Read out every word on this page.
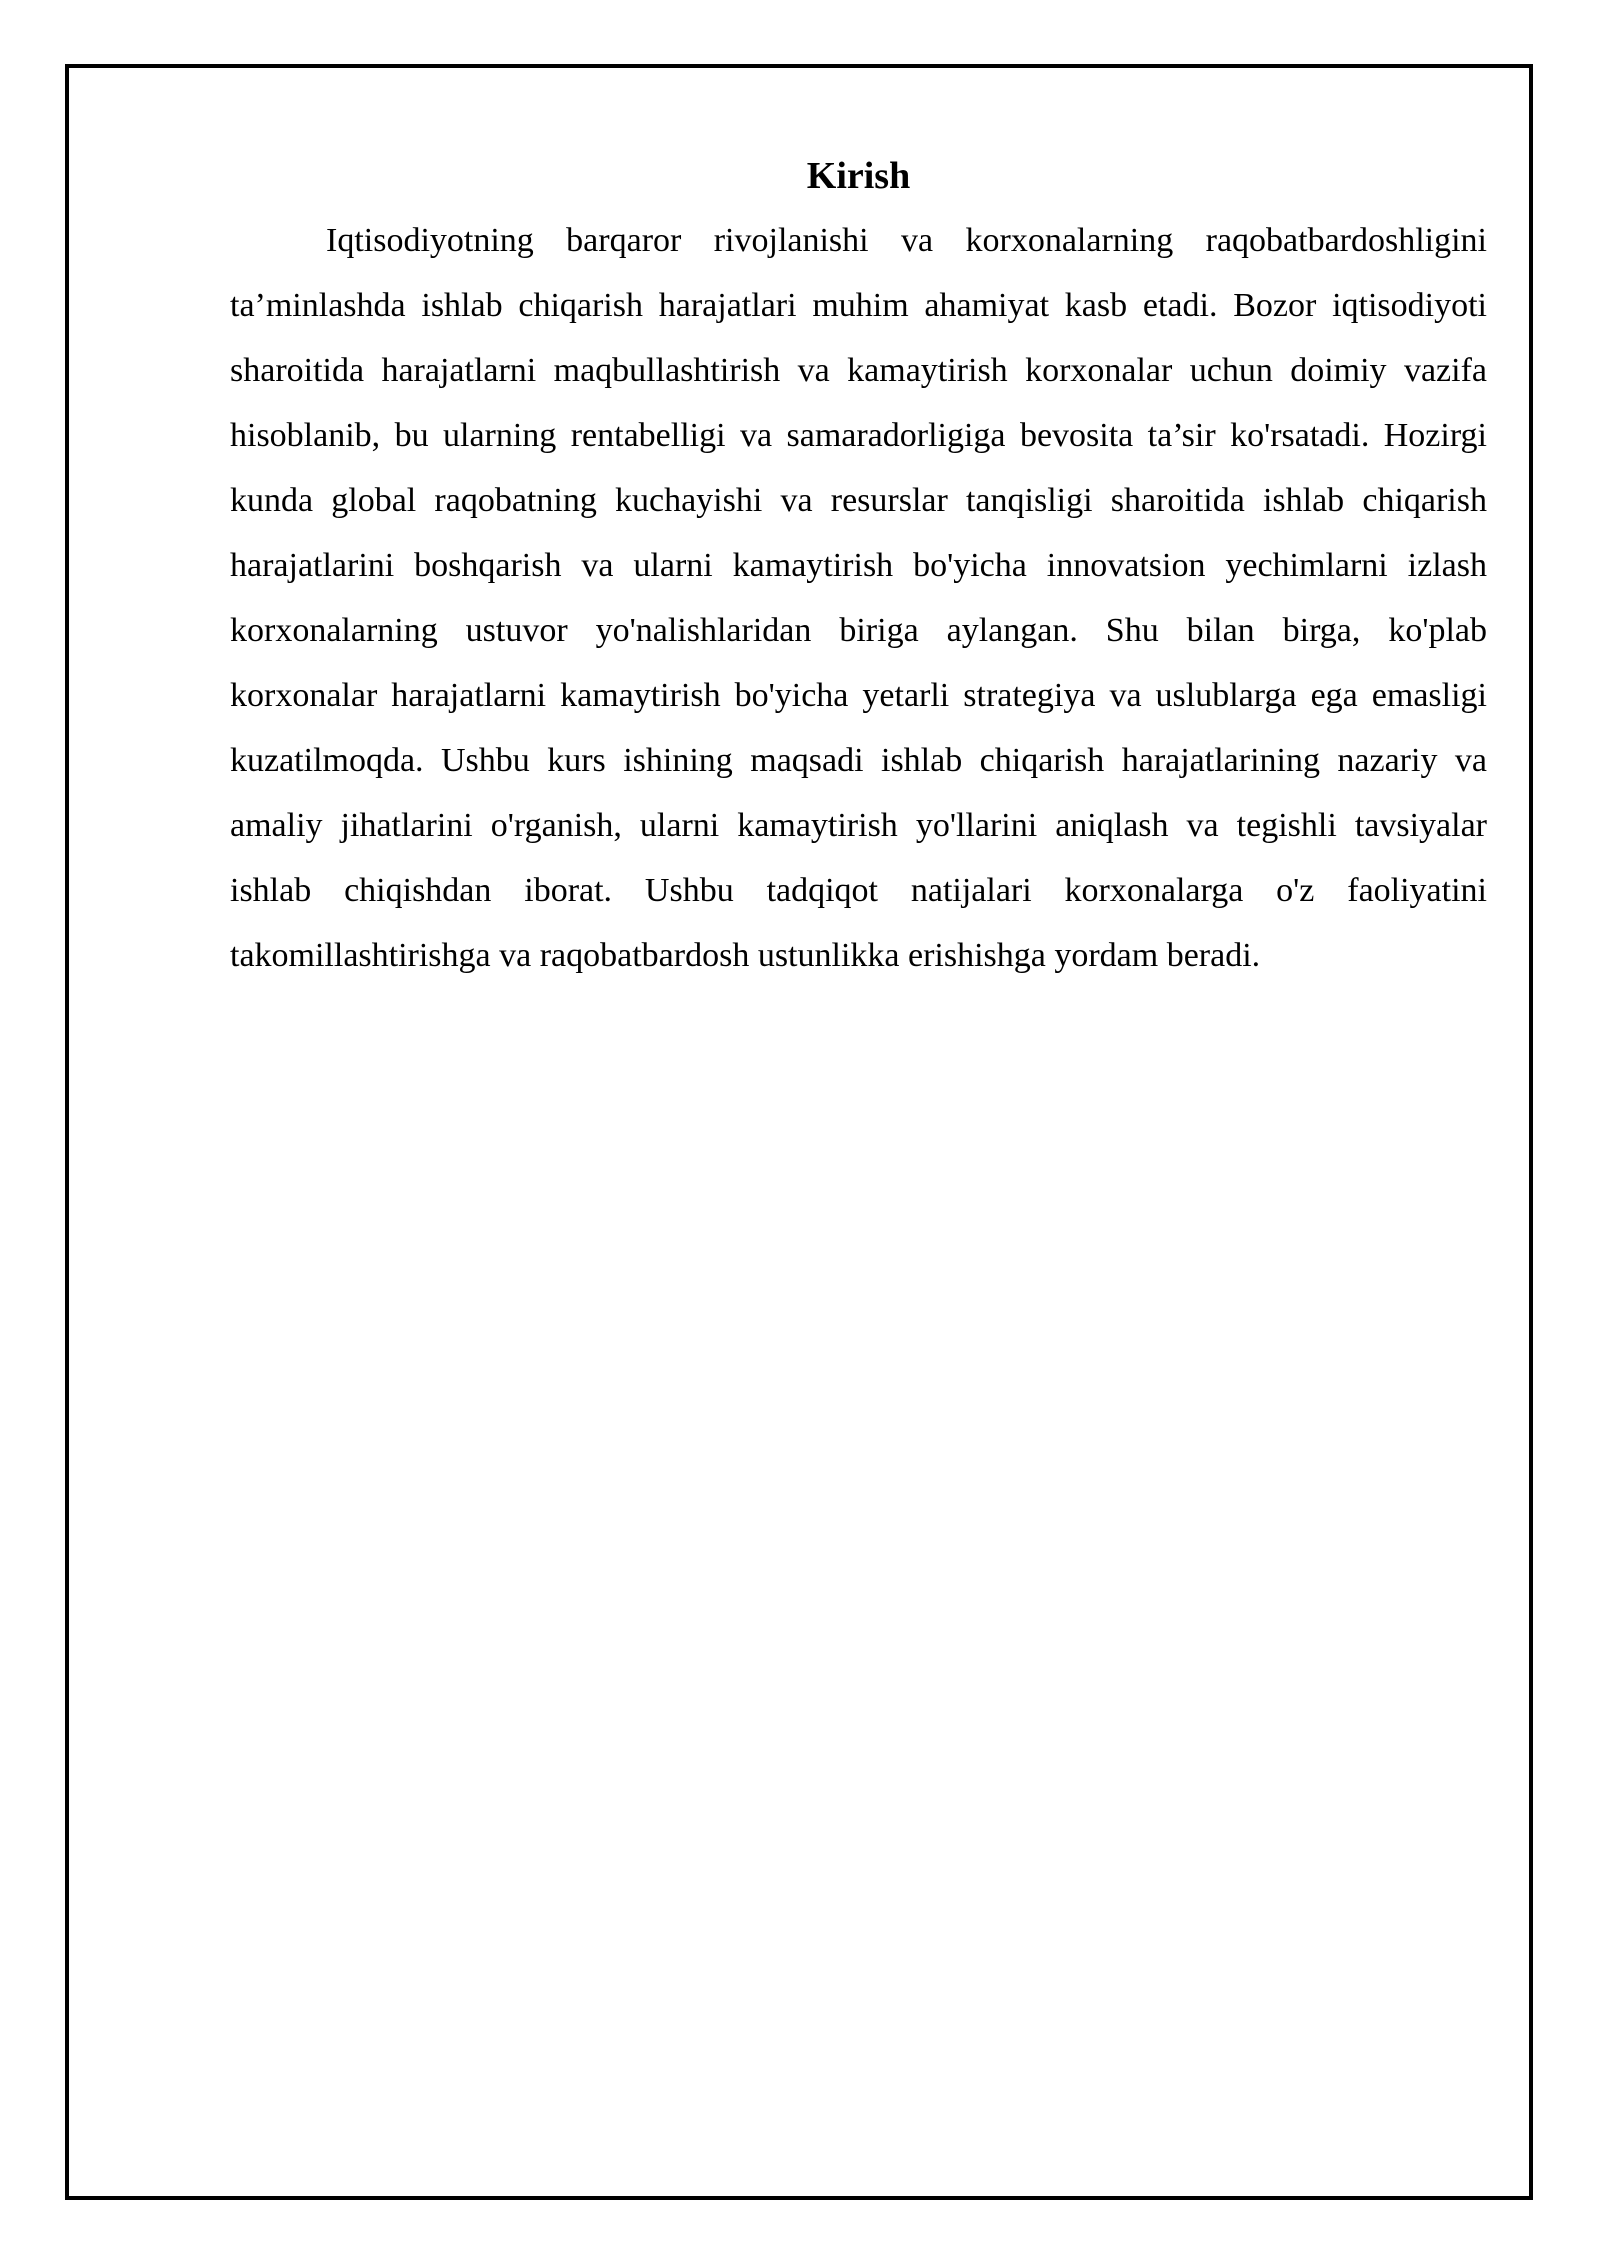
Kirish

Iqtisodiyotning barqaror rivojlanishi va korxonalarning raqobatbardoshligini ta’minlashda ishlab chiqarish harajatlari muhim ahamiyat kasb etadi. Bozor iqtisodiyoti sharoitida harajatlarni maqbullashtirish va kamaytirish korxonalar uchun doimiy vazifa hisoblanib, bu ularning rentabelligi va samaradorligiga bevosita ta’sir ko'rsatadi. Hozirgi kunda global raqobatning kuchayishi va resurslar tanqisligi sharoitida ishlab chiqarish harajatlarini boshqarish va ularni kamaytirish bo'yicha innovatsion yechimlarni izlash korxonalarning ustuvor yo'nalishlaridan biriga aylangan. Shu bilan birga, ko'plab korxonalar harajatlarni kamaytirish bo'yicha yetarli strategiya va uslublarga ega emasligi kuzatilmoqda. Ushbu kurs ishining maqsadi ishlab chiqarish harajatlarining nazariy va amaliy jihatlarini o'rganish, ularni kamaytirish yo'llarini aniqlash va tegishli tavsiyalar ishlab chiqishdan iborat. Ushbu tadqiqot natijalari korxonalarga o'z faoliyatini takomillashtirishga va raqobatbardosh ustunlikka erishishga yordam beradi.
